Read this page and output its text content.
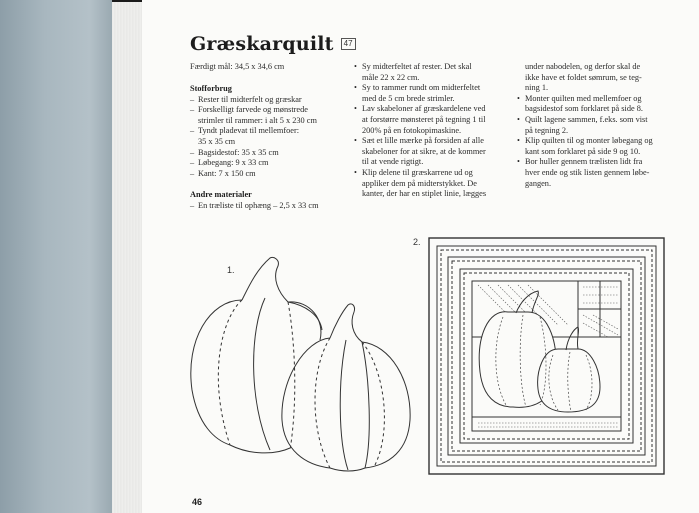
Græskarquilt	47
Færdigt mål: 34,5 x 34,6 cm

Stofforbrug

– Rester til midterfelt og græskar
– Forskelligt farvede og mønstrede
strimler til rammer: i alt 5 x 230 cm
– Tyndt pladevat til mellemfoer:
35 x 35 cm
– Bagsidestof: 35 x 35 cm
– Løbegang: 9 x 33 cm
– Kant: 7 x 150 cm

Andre materialer

– En træliste til ophæng – 2,5 x 33 cm
• Sy midterfeltet af rester. Det skal
måle 22 x 22 cm.
• Sy to rammer rundt om midterfeltet
med de 5 cm brede strimler.
• Lav skabeloner af græskardelene ved
at forstørre mønsteret på tegning 1 til
200% på en fotokopimaskine.
• Sæt et lille mærke på forsiden af alle
skabeloner for at sikre, at de kommer
til at vende rigtigt.
• Klip delene til græskarrene ud og
appliker dem på midterstykket. De
kanter, der har en stiplet linie, lægges
under nabodelen, og derfor skal de
ikke have et foldet sømrum, se teg-
ning 1.
• Monter quilten med mellemfoer og
bagsidestof som forklaret på side 8.
• Quilt lagene sammen, f.eks. som vist
på tegning 2.
• Klip quilten til og monter løbegang og
kant som forklaret på side 9 og 10.
• Bor huller gennem trælisten lidt fra
hver ende og stik listen gennem løbe-
gangen.
1.
2.
46
